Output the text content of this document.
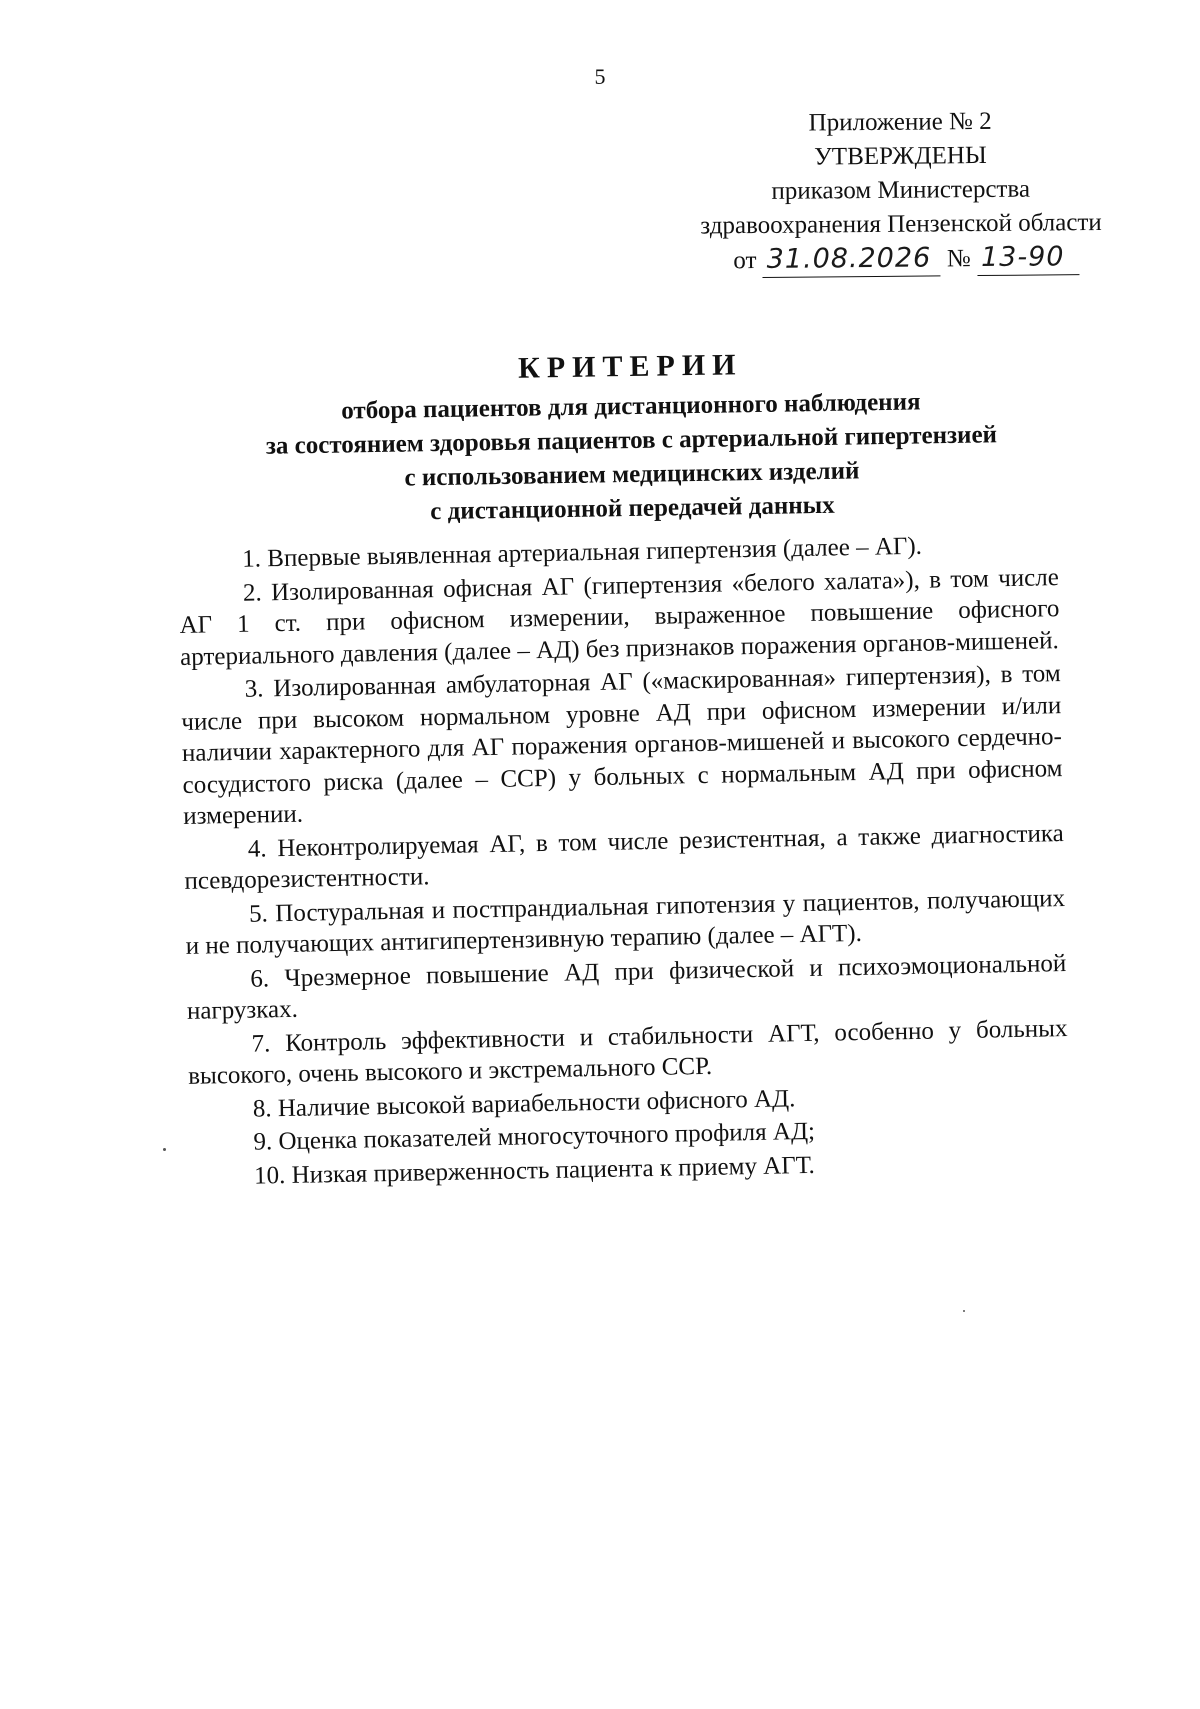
5
Приложение № 2
УТВЕРЖДЕНЫ
приказом Министерства
здравоохранения Пензенской области
от 31.08.2026 № 13-90
КРИТЕРИИ
отбора пациентов для дистанционного наблюдения
за состоянием здоровья пациентов с артериальной гипертензией
с использованием медицинских изделий
с дистанционной передачей данных

1. Впервые выявленная артериальная гипертензия (далее – АГ).

2. Изолированная офисная АГ (гипертензия «белого халата»), в том числе АГ 1 ст. при офисном измерении, выраженное повышение офисного артериального давления (далее – АД) без признаков поражения органов-мишеней.

3. Изолированная амбулаторная АГ («маскированная» гипертензия), в том числе при высоком нормальном уровне АД при офисном измерении и/или наличии характерного для АГ поражения органов-мишеней и высокого сердечно-сосудистого риска (далее – ССР) у больных с нормальным АД при офисном измерении.

4. Неконтролируемая АГ, в том числе резистентная, а также диагностика псевдорезистентности.

5. Постуральная и постпрандиальная гипотензия у пациентов, получающих и не получающих антигипертензивную терапию (далее – АГТ).

6. Чрезмерное повышение АД при физической и психоэмоциональной нагрузках.

7. Контроль эффективности и стабильности АГТ, особенно у больных высокого, очень высокого и экстремального ССР.

8. Наличие высокой вариабельности офисного АД.

9. Оценка показателей многосуточного профиля АД;

10. Низкая приверженность пациента к приему АГТ.
